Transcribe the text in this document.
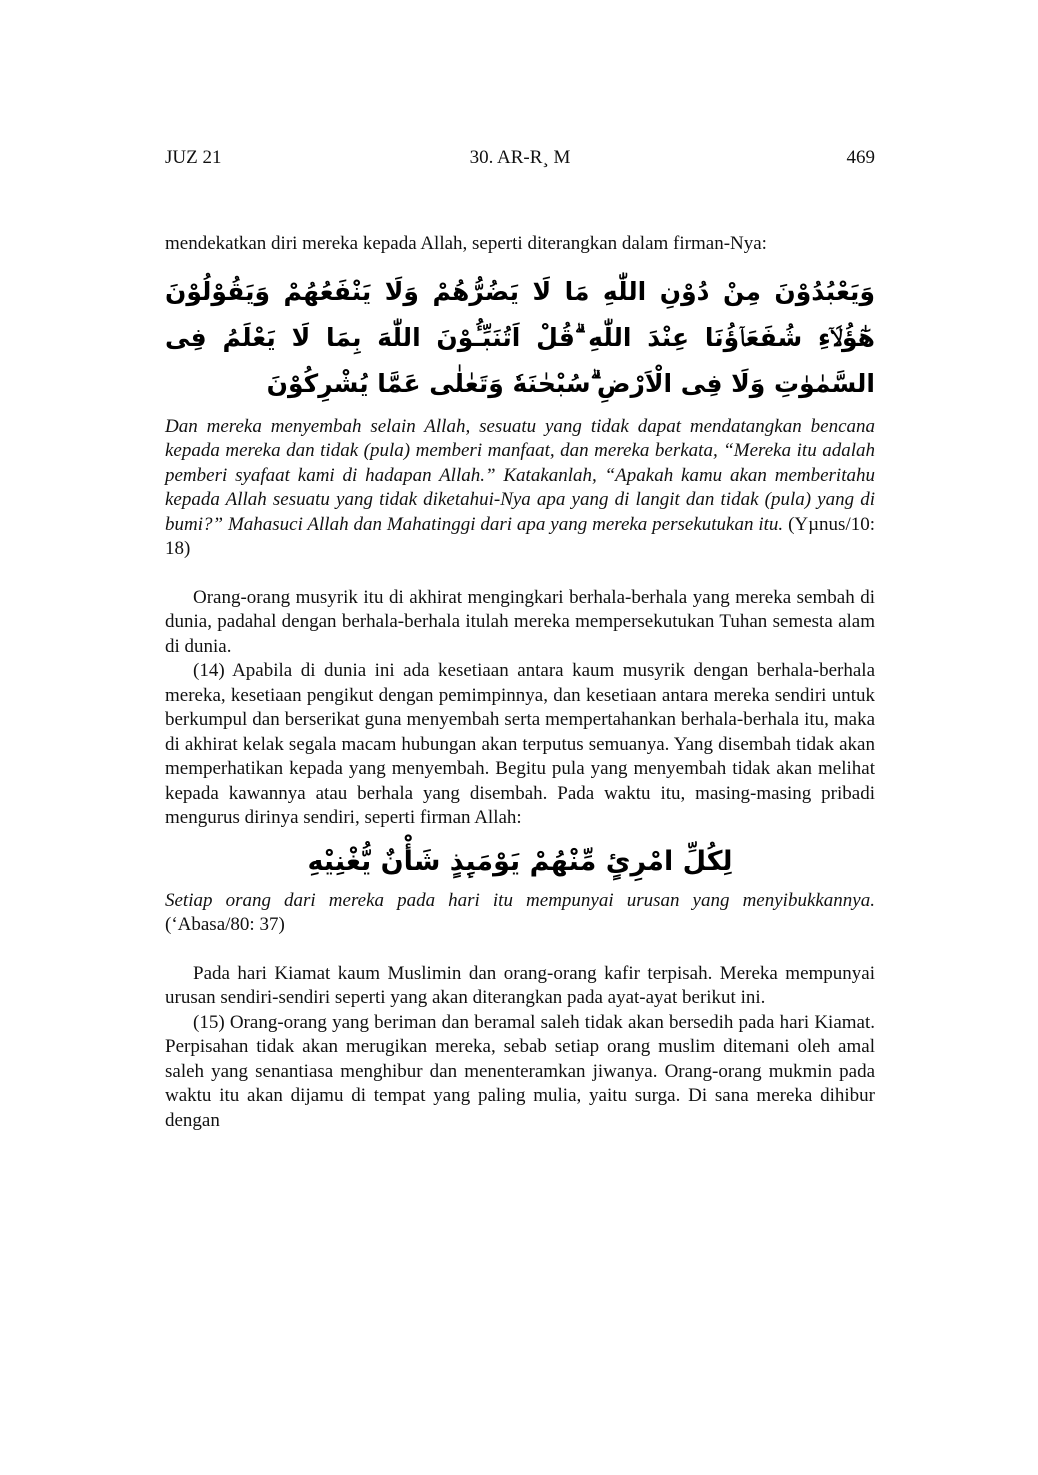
JUZ 21	30. AR-R¸ M	469

mendekatkan diri mereka kepada Allah, seperti diterangkan dalam firman-Nya:

وَيَعْبُدُوْنَ مِنْ دُوْنِ اللّٰهِ مَا لَا يَضُرُّهُمْ وَلَا يَنْفَعُهُمْ وَيَقُوْلُوْنَ هٰٓؤُلَاۤءِ شُفَعَاۤؤُنَا عِنْدَ اللّٰهِ ۗقُلْ اَتُنَبِّـُٔوْنَ اللّٰهَ بِمَا لَا يَعْلَمُ فِى السَّمٰوٰتِ وَلَا فِى الْاَرْضِ ۗسُبْحٰنَهٗ وَتَعٰلٰى عَمَّا يُشْرِكُوْنَ

Dan mereka menyembah selain Allah, sesuatu yang tidak dapat mendatangkan bencana kepada mereka dan tidak (pula) memberi manfaat, dan mereka berkata, “Mereka itu adalah pemberi syafaat kami di hadapan Allah.” Katakanlah, “Apakah kamu akan memberitahu kepada Allah sesuatu yang tidak diketahui-Nya apa yang di langit dan tidak (pula) yang di bumi?” Mahasuci Allah dan Mahatinggi dari apa yang mereka persekutukan itu. (Yµnus/10: 18)

Orang-orang musyrik itu di akhirat mengingkari berhala-berhala yang mereka sembah di dunia, padahal dengan berhala-berhala itulah mereka mempersekutukan Tuhan semesta alam di dunia.

(14) Apabila di dunia ini ada kesetiaan antara kaum musyrik dengan berhala-berhala mereka, kesetiaan pengikut dengan pemimpinnya, dan kesetiaan antara mereka sendiri untuk berkumpul dan berserikat guna menyembah serta mempertahankan berhala-berhala itu, maka di akhirat kelak segala macam hubungan akan terputus semuanya. Yang disembah tidak akan memperhatikan kepada yang menyembah. Begitu pula yang menyembah tidak akan melihat kepada kawannya atau berhala yang disembah. Pada waktu itu, masing-masing pribadi mengurus dirinya sendiri, seperti firman Allah:

لِكُلِّ امْرِئٍ مِّنْهُمْ يَوْمَىِٕذٍ شَأْنٌ يُّغْنِيْهِ

Setiap orang dari mereka pada hari itu mempunyai urusan yang menyibukkannya. (‘Abasa/80: 37)

Pada hari Kiamat kaum Muslimin dan orang-orang kafir terpisah. Mereka mempunyai urusan sendiri-sendiri seperti yang akan diterangkan pada ayat-ayat berikut ini.

(15) Orang-orang yang beriman dan beramal saleh tidak akan bersedih pada hari Kiamat. Perpisahan tidak akan merugikan mereka, sebab setiap orang muslim ditemani oleh amal saleh yang senantiasa menghibur dan menenteramkan jiwanya. Orang-orang mukmin pada waktu itu akan dijamu di tempat yang paling mulia, yaitu surga. Di sana mereka dihibur dengan
